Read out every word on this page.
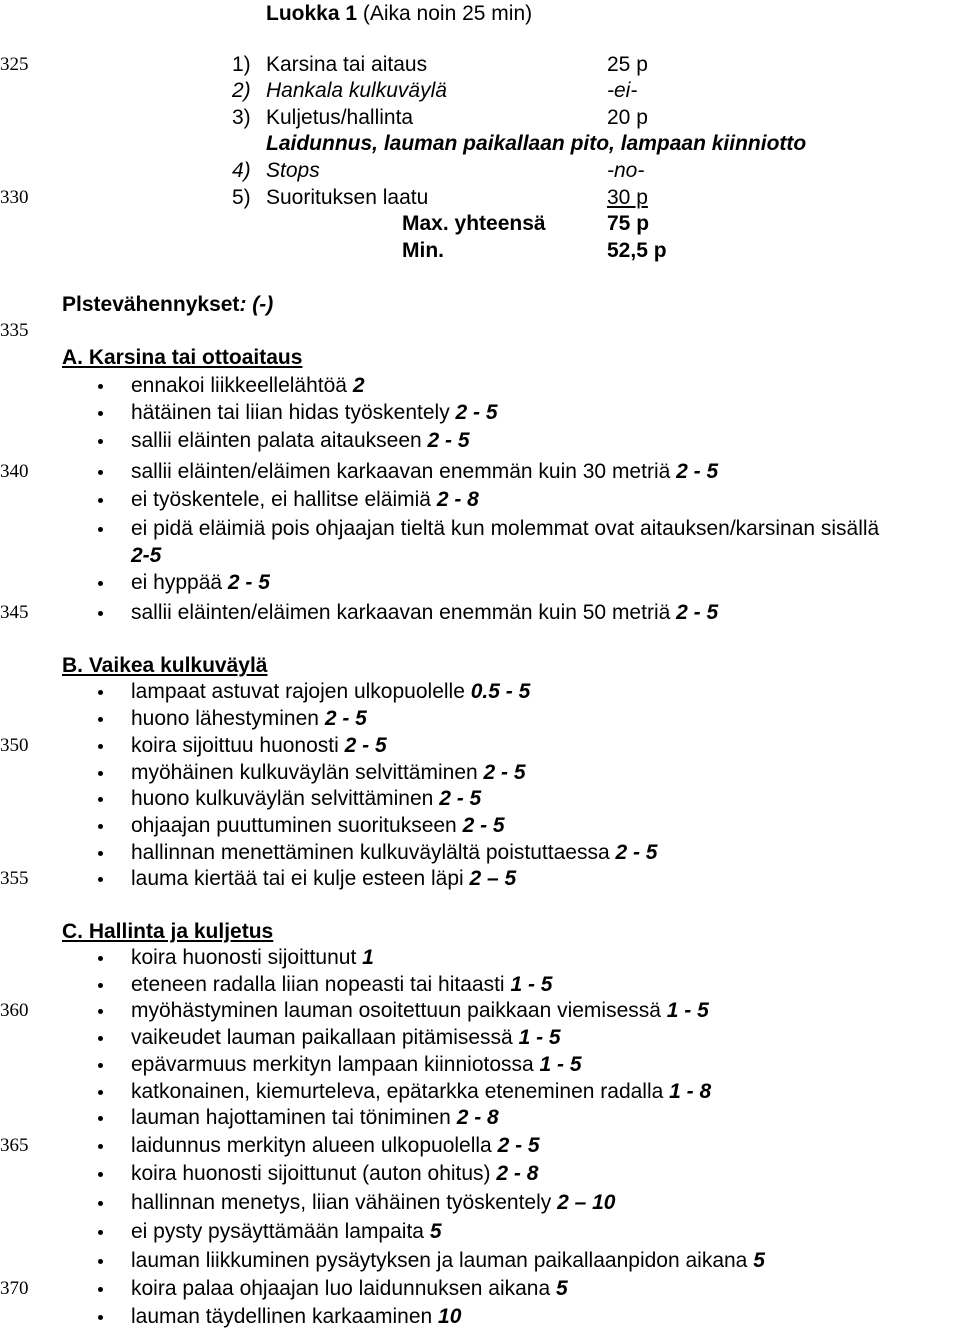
Luokka 1 (Aika noin 25 min)
325
330
335
340
345
350
355
360
365
370
1) Karsina tai aitaus	25 p
2) Hankala kulkuväylä	-ei-
3) Kuljetus/hallinta	20 p
Laidunnus, lauman paikallaan pito, lampaan kiinniotto
4) Stops	-no-
5) Suorituksen laatu	30 p
Max. yhteensä	75 p
Min.	52,5 p
Plstevähennykset: (-)
A. Karsina tai ottoaitaus
ennakoi liikkeellelähtöä 2
hätäinen tai liian hidas työskentely 2 - 5
sallii eläinten palata aitaukseen 2 - 5
sallii eläinten/eläimen karkaavan enemmän kuin 30 metriä 2 - 5
ei työskentele, ei hallitse eläimiä 2 - 8
ei pidä eläimiä pois ohjaajan tieltä kun molemmat ovat aitauksen/karsinan sisällä
2-5
ei hyppää 2 - 5
sallii eläinten/eläimen karkaavan enemmän kuin 50 metriä 2 - 5
B. Vaikea kulkuväylä
lampaat astuvat rajojen ulkopuolelle 0.5 - 5
huono lähestyminen 2 - 5
koira sijoittuu huonosti 2 - 5
myöhäinen kulkuväylän selvittäminen 2 - 5
huono kulkuväylän selvittäminen 2 - 5
ohjaajan puuttuminen suoritukseen 2 - 5
hallinnan menettäminen kulkuväylältä poistuttaessa 2 - 5
lauma kiertää tai ei kulje esteen läpi 2 – 5
C. Hallinta ja kuljetus
koira huonosti sijoittunut 1
eteneen radalla liian nopeasti tai hitaasti 1 - 5
myöhästyminen lauman osoitettuun paikkaan viemisessä 1 - 5
vaikeudet lauman paikallaan pitämisessä 1 - 5
epävarmuus merkityn lampaan kiinniotossa 1 - 5
katkonainen, kiemurteleva, epätarkka eteneminen radalla 1 - 8
lauman hajottaminen tai töniminen 2 - 8
laidunnus merkityn alueen ulkopuolella 2 - 5
koira huonosti sijoittunut (auton ohitus) 2 - 8
hallinnan menetys, liian vähäinen työskentely 2 – 10
ei pysty pysäyttämään lampaita 5
lauman liikkuminen pysäytyksen ja lauman paikallaanpidon aikana 5
koira palaa ohjaajan luo laidunnuksen aikana 5
lauman täydellinen karkaaminen 10
